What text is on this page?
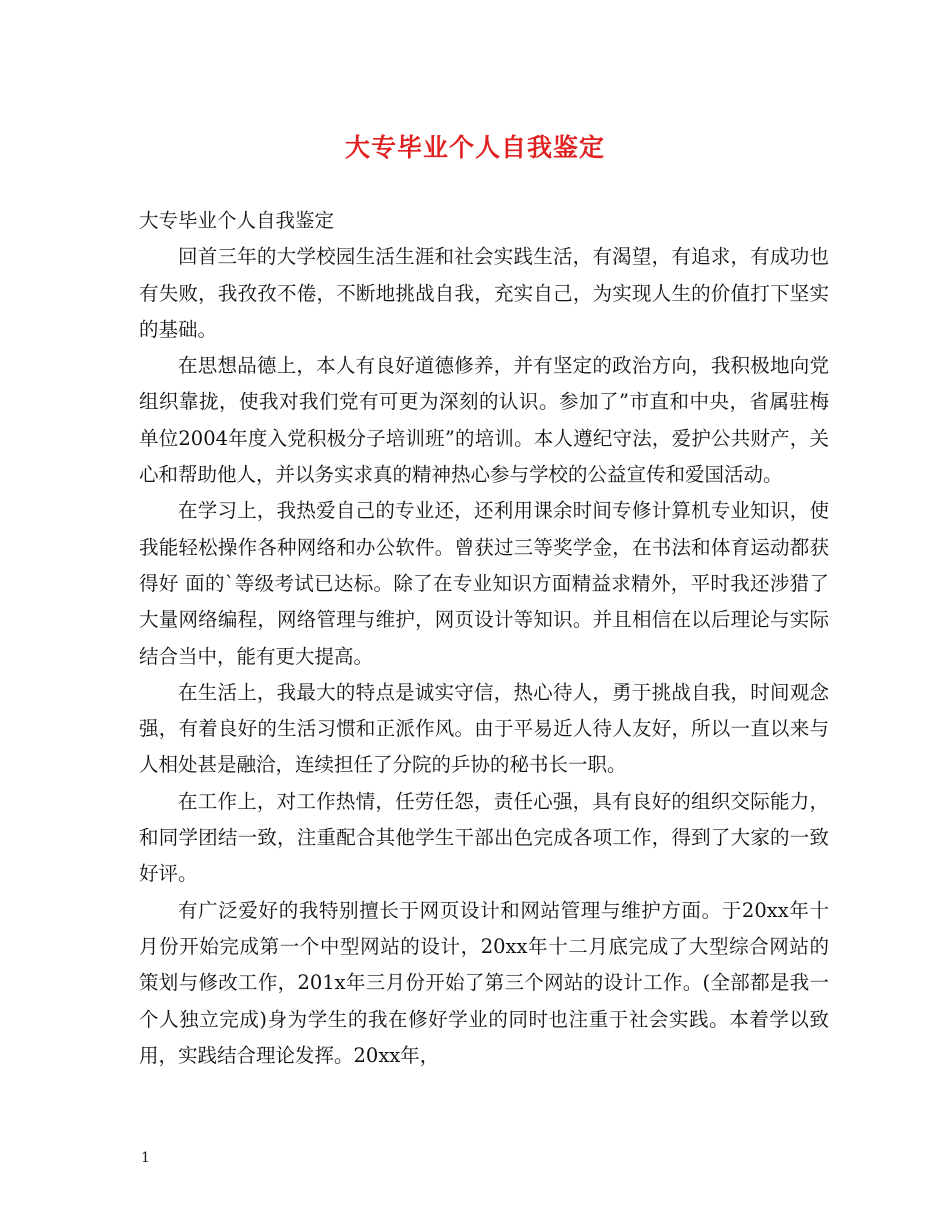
大专毕业个人自我鉴定

大专毕业个人自我鉴定

回首三年的大学校园生活生涯和社会实践生活，有渴望，有追求，有成功也有失败，我孜孜不倦，不断地挑战自我，充实自己，为实现人生的价值打下坚实的基础。

在思想品德上，本人有良好道德修养，并有坚定的政治方向，我积极地向党组织靠拢，使我对我们党有可更为深刻的认识。参加了”市直和中央，省属驻梅单位2004年度入党积极分子培训班”的培训。本人遵纪守法，爱护公共财产，关心和帮助他人，并以务实求真的精神热心参与学校的公益宣传和爱国活动。

在学习上，我热爱自己的专业还，还利用课余时间专修计算机专业知识，使我能轻松操作各种网络和办公软件。曾获过三等奖学金，在书法和体育运动都获得好 面的`等级考试已达标。除了在专业知识方面精益求精外，平时我还涉猎了大量网络编程，网络管理与维护，网页设计等知识。并且相信在以后理论与实际结合当中，能有更大提高。

在生活上，我最大的特点是诚实守信，热心待人，勇于挑战自我，时间观念强，有着良好的生活习惯和正派作风。由于平易近人待人友好，所以一直以来与人相处甚是融洽，连续担任了分院的乒协的秘书长一职。

在工作上，对工作热情，任劳任怨，责任心强，具有良好的组织交际能力，和同学团结一致，注重配合其他学生干部出色完成各项工作，得到了大家的一致好评。

有广泛爱好的我特别擅长于网页设计和网站管理与维护方面。于20xx年十月份开始完成第一个中型网站的设计，20xx年十二月底完成了大型综合网站的策划与修改工作，201x年三月份开始了第三个网站的设计工作。(全部都是我一个人独立完成)身为学生的我在修好学业的同时也注重于社会实践。本着学以致用，实践结合理论发挥。20xx年，

1
